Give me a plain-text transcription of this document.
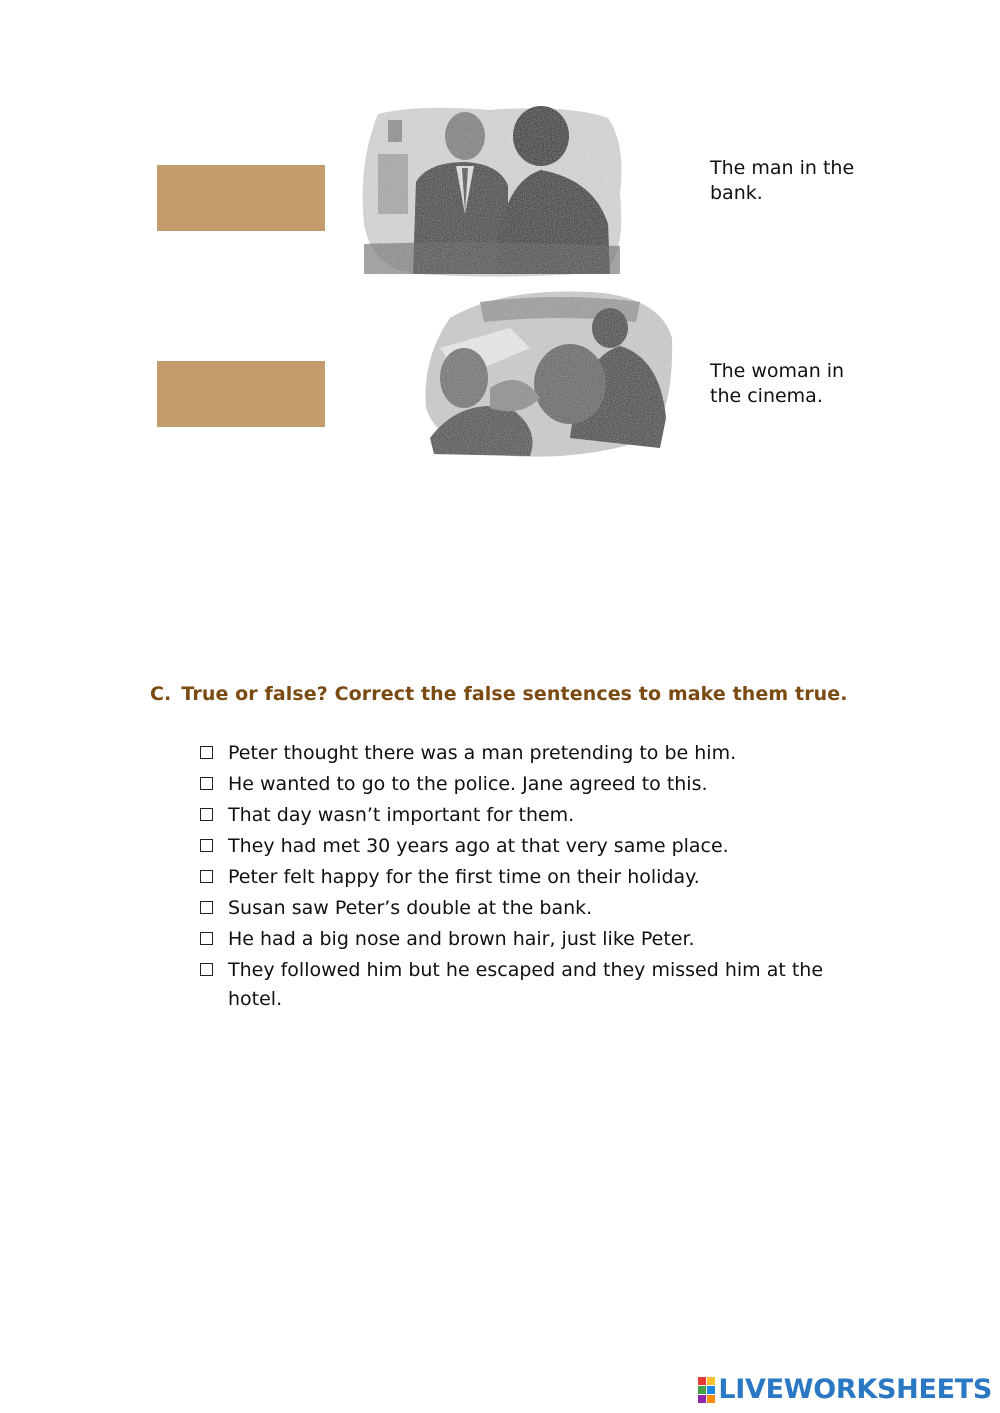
The man in the bank.
The woman in the cinema.
C. True or false? Correct the false sentences to make them true.
Peter thought there was a man pretending to be him.
He wanted to go to the police. Jane agreed to this.
That day wasn’t important for them.
They had met 30 years ago at that very same place.
Peter felt happy for the first time on their holiday.
Susan saw Peter’s double at the bank.
He had a big nose and brown hair, just like Peter.
They followed him but he escaped and they missed him at the hotel.
LIVEWORKSHEETS
